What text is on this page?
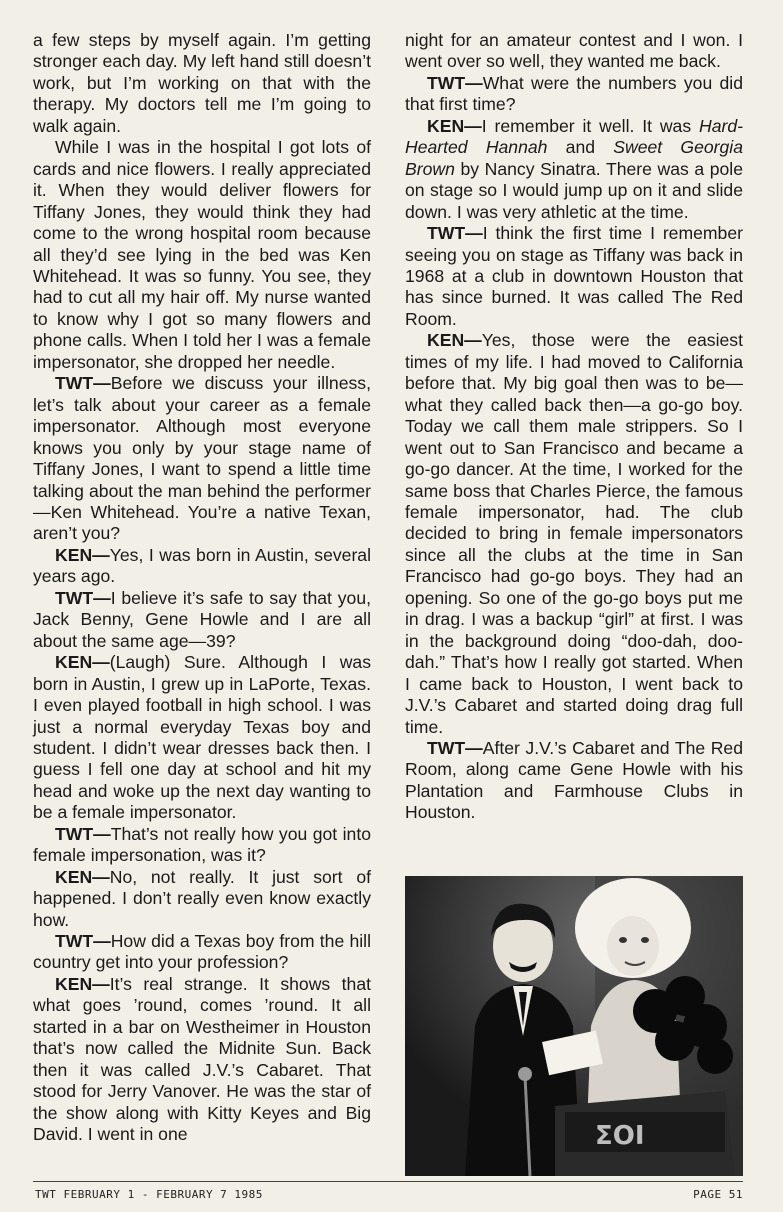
a few steps by myself again. I’m getting stronger each day. My left hand still doesn’t work, but I’m working on that with the therapy. My doctors tell me I’m going to walk again.

While I was in the hospital I got lots of cards and nice flowers. I really appreciated it. When they would deliver flowers for Tiffany Jones, they would think they had come to the wrong hospital room because all they’d see lying in the bed was Ken Whitehead. It was so funny. You see, they had to cut all my hair off. My nurse wanted to know why I got so many flowers and phone calls. When I told her I was a female impersonator, she dropped her needle.

TWT—Before we discuss your illness, let’s talk about your career as a female impersonator. Although most everyone knows you only by your stage name of Tiffany Jones, I want to spend a little time talking about the man behind the performer—Ken Whitehead. You’re a native Texan, aren’t you?

KEN—Yes, I was born in Austin, several years ago.

TWT—I believe it’s safe to say that you, Jack Benny, Gene Howle and I are all about the same age—39?

KEN—(Laugh) Sure. Although I was born in Austin, I grew up in LaPorte, Texas. I even played football in high school. I was just a normal everyday Texas boy and student. I didn’t wear dresses back then. I guess I fell one day at school and hit my head and woke up the next day wanting to be a female impersonator.

TWT—That’s not really how you got into female impersonation, was it?

KEN—No, not really. It just sort of happened. I don’t really even know exactly how.

TWT—How did a Texas boy from the hill country get into your profession?

KEN—It’s real strange. It shows that what goes ’round, comes ’round. It all started in a bar on Westheimer in Houston that’s now called the Midnite Sun. Back then it was called J.V.’s Cabaret. That stood for Jerry Vanover. He was the star of the show along with Kitty Keyes and Big David. I went in one

night for an amateur contest and I won. I went over so well, they wanted me back.

TWT—What were the numbers you did that first time?

KEN—I remember it well. It was Hard-Hearted Hannah and Sweet Georgia Brown by Nancy Sinatra. There was a pole on stage so I would jump up on it and slide down. I was very athletic at the time.

TWT—I think the first time I remember seeing you on stage as Tiffany was back in 1968 at a club in downtown Houston that has since burned. It was called The Red Room.

KEN—Yes, those were the easiest times of my life. I had moved to California before that. My big goal then was to be—what they called back then—a go-go boy. Today we call them male strippers. So I went out to San Francisco and became a go-go dancer. At the time, I worked for the same boss that Charles Pierce, the famous female impersonator, had. The club decided to bring in female impersonators since all the clubs at the time in San Francisco had go-go boys. They had an opening. So one of the go-go boys put me in drag. I was a backup “girl” at first. I was in the background doing “doo-dah, doo-dah.” That’s how I really got started. When I came back to Houston, I went back to J.V.’s Cabaret and started doing drag full time.

TWT—After J.V.’s Cabaret and The Red Room, along came Gene Howle with his Plantation and Farmhouse Clubs in Houston.

ΣΟΙ
TWT FEBRUARY 1 - FEBRUARY 7 1985	PAGE 51
